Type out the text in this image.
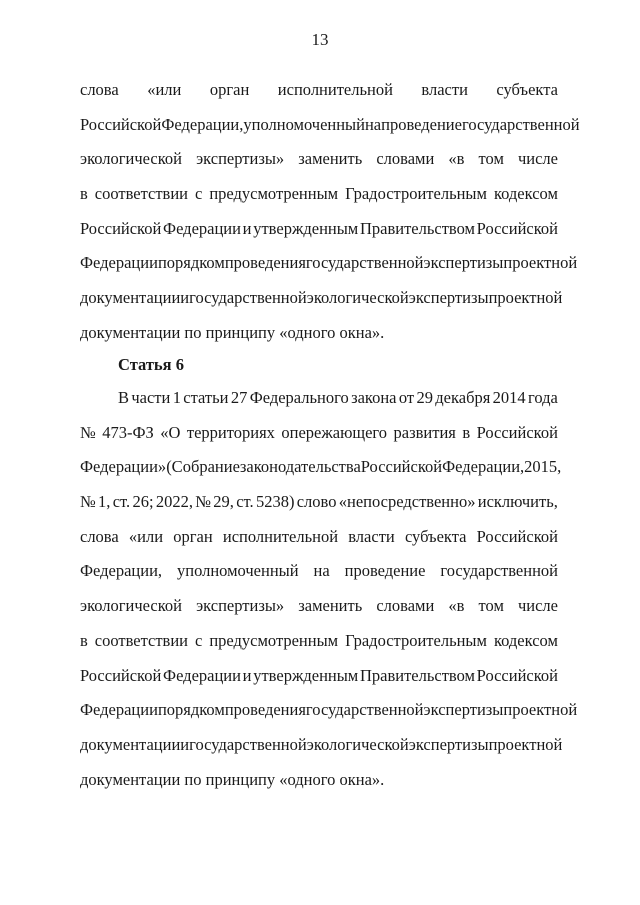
13
слова «или орган исполнительной власти субъекта
Российской Федерации, уполномоченный на проведение государственной
экологической экспертизы» заменить словами «в том числе
в соответствии с предусмотренным Градостроительным кодексом
Российской Федерации и утвержденным Правительством Российской
Федерации порядком проведения государственной экспертизы проектной
документации и государственной экологической экспертизы проектной
документации по принципу «одного окна».
Статья 6
В части 1 статьи 27 Федерального закона от 29 декабря 2014 года
№ 473-ФЗ «О территориях опережающего развития в Российской
Федерации» (Собрание законодательства Российской Федерации, 2015,
№ 1, ст. 26; 2022, № 29, ст. 5238) слово «непосредственно» исключить,
слова «или орган исполнительной власти субъекта Российской
Федерации, уполномоченный на проведение государственной
экологической экспертизы» заменить словами «в том числе
в соответствии с предусмотренным Градостроительным кодексом
Российской Федерации и утвержденным Правительством Российской
Федерации порядком проведения государственной экспертизы проектной
документации и государственной экологической экспертизы проектной
документации по принципу «одного окна».
